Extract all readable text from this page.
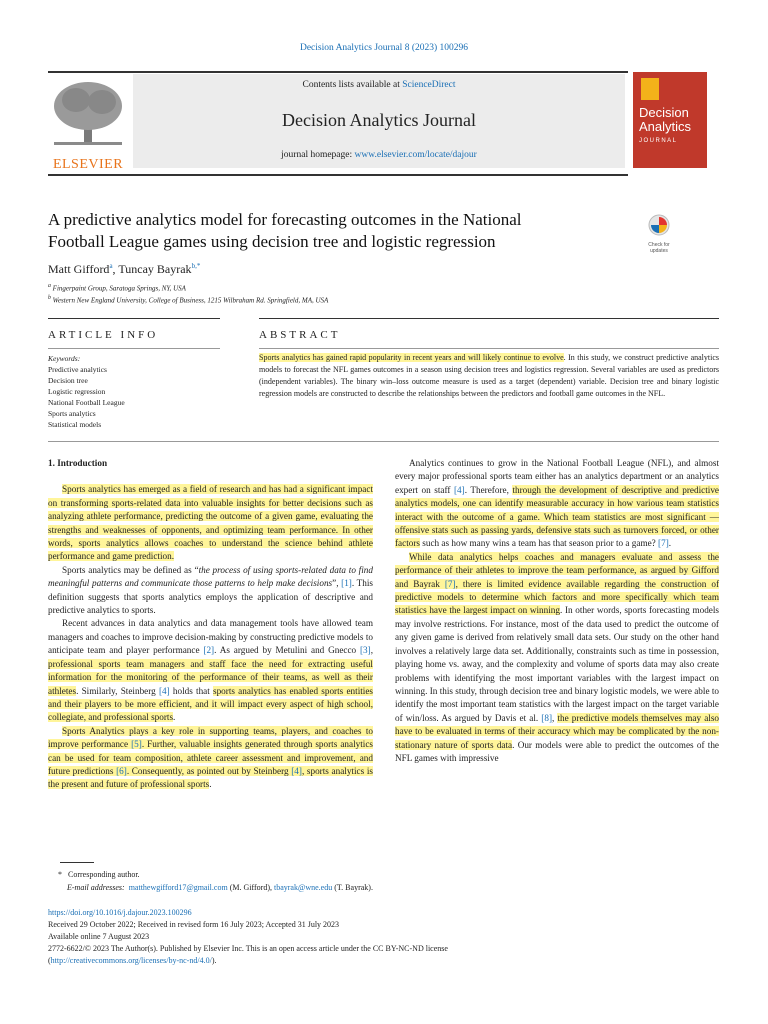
Decision Analytics Journal 8 (2023) 100296
Contents lists available at ScienceDirect
Decision Analytics Journal
journal homepage: www.elsevier.com/locate/dajour
ELSEVIER
Decision
Analytics
JOURNAL
A predictive analytics model for forecasting outcomes in the National
Football League games using decision tree and logistic regression	Check for updates
Matt Gifford$^a$, Tuncay Bayrak$^{b,*}$
$^a$ Fingerpaint Group, Saratoga Springs, NY, USA
$^b$ Western New England University, College of Business, 1215 Wilbraham Rd. Springfield, MA, USA
ARTICLE INFO	ABSTRACT
Keywords:
Predictive analytics
Decision tree
Logistic regression
National Football League
Sports analytics
Statistical models
Sports analytics has gained rapid popularity in recent years and will likely continue to evolve. In this study, we construct predictive analytics models to forecast the NFL games outcomes in a season using decision trees and logistics regression. Several variables are used as predictors (independent variables). The binary win–loss outcome measure is used as a target (dependent) variable. Decision tree and binary logistic regression models are constructed to describe the relationships between the predictors and football game outcomes in the NFL.
1. Introduction

Sports analytics has emerged as a field of research and has had a significant impact on transforming sports-related data into valuable insights for better decisions such as analyzing athlete performance, predicting the outcome of a given game, evaluating the strengths and weaknesses of opponents, and optimizing team performance. In other words, sports analytics allows coaches to understand the science behind athlete performance and game prediction.

Sports analytics may be defined as “the process of using sports-related data to find meaningful patterns and communicate those patterns to help make decisions”, [1]. This definition suggests that sports analytics employs the application of descriptive and predictive analytics to sports.

Recent advances in data analytics and data management tools have allowed team managers and coaches to improve decision-making by constructing predictive models to anticipate team and player performance [2]. As argued by Metulini and Gnecco [3], professional sports team managers and staff face the need for extracting useful information for the monitoring of the performance of their teams, as well as their athletes. Similarly, Steinberg [4] holds that sports analytics has enabled sports entities and their players to be more efficient, and it will impact every aspect of high school, collegiate, and professional sports.

Sports Analytics plays a key role in supporting teams, players, and coaches to improve performance [5]. Further, valuable insights generated through sports analytics can be used for team composition, athlete career assessment and improvement, and future predictions [6]. Consequently, as pointed out by Steinberg [4], sports analytics is the present and future of professional sports.

Analytics continues to grow in the National Football League (NFL), and almost every major professional sports team either has an analytics department or an analytics expert on staff [4]. Therefore, through the development of descriptive and predictive analytics models, one can identify measurable accuracy in how various team statistics interact with the outcome of a game. Which team statistics are most significant — offensive stats such as passing yards, defensive stats such as turnovers forced, or other factors such as how many wins a team has that season prior to a game? [7].

While data analytics helps coaches and managers evaluate and assess the performance of their athletes to improve the team performance, as argued by Gifford and Bayrak [7], there is limited evidence available regarding the construction of predictive models to determine which factors and more specifically which team statistics have the largest impact on winning. In other words, sports forecasting models may involve restrictions. For instance, most of the data used to predict the outcome of any given game is derived from relatively small data sets. Our study on the other hand involves a relatively large data set. Additionally, constraints such as time in possession, playing home vs. away, and the complexity and volume of sports data may also create problems with identifying the most important variables with the largest impact on winning. In this study, through decision tree and binary logistic models, we were able to identify the most important team statistics with the largest impact on the target variable of win/loss. As argued by Davis et al. [8], the predictive models themselves may also have to be evaluated in terms of their accuracy which may be complicated by the non-stationary nature of sports data. Our models were able to predict the outcomes of the NFL games with impressive

* Corresponding author.
E-mail addresses: matthewgifford17@gmail.com (M. Gifford), tbayrak@wne.edu (T. Bayrak).
https://doi.org/10.1016/j.dajour.2023.100296
Received 29 October 2022; Received in revised form 16 July 2023; Accepted 31 July 2023
Available online 7 August 2023
2772-6622/© 2023 The Author(s). Published by Elsevier Inc. This is an open access article under the CC BY-NC-ND license
(http://creativecommons.org/licenses/by-nc-nd/4.0/).
